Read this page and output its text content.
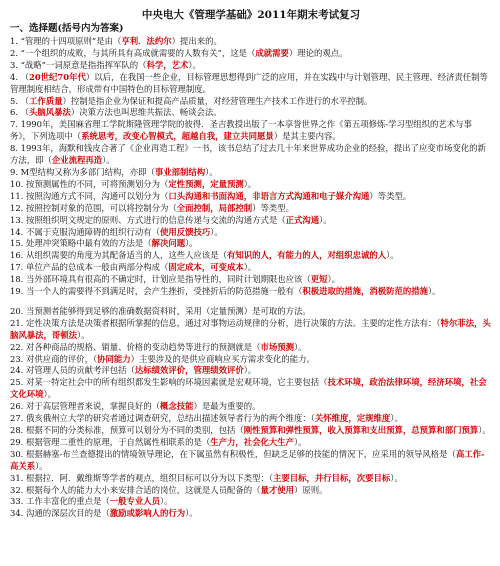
中央电大《管理学基础》2011年期末考试复习
一、选择题(括号内为答案)
1. “管理的十四项原则”是由（亨利．法约尔）提出来的。
2. “一个组织的成败，与其所具有高成就需要的人数有关”，这是（成就需要）理论的观点。
3. “战略”一词原意是指指挥军队的（科学，艺术）。
4. （20世纪70年代）以后，在我国一些企业，目标管理思想得到广泛的应用，并在实践中与计划管理、民主管理、经济责任制等管理制度相结合，形成带有中国特色的目标管理制度。
5. （工作质量）控制是指企业为保证和提高产品质量，对经营管理生产技术工作进行的水平控制。
6. （头脑风暴法）决策方法也叫思维共振法、畅谈会法。
7. 1990年，美国麻省理工学院斯隆管理学院的彼得．圣吉教授出版了一本享誉世界之作《第五项修炼-学习型组织的艺术与事务》，下列选项中（系统思考，改变心智模式，超越自我，建立共同愿景）是其主要内容。
8. 1993年，海默和钱皮合著了《企业再造工程》一书，该书总结了过去几十年来世界成功企业的经验，提出了应变市场变化的新方法，即（企业流程再造）。
9. M型结构又称为多部门结构，亦即（事业部制结构）。
10. 按预测属性的不同，可将预测划分为（定性预测，定量预测）。
11. 按照沟通方式不同，沟通可以划分为（口头沟通和书面沟通，非语言方式沟通和电子媒介沟通）等类型。
12. 按照控制对象的范围，可以将控制分为（全面控制，局部控制）等类型。
13. 按照组织明文规定的原则、方式进行的信息传递与交流的沟通方式是（正式沟通）。
14. 不属于克服沟通障碍的组织行动有（使用反馈技巧）。
15. 处理冲突策略中最有效的方法是（解决问题）。
16. 从组织需要的角度为其配备适当的人，这些人应该是（有知识的人，有能力的人，对组织忠诚的人）。
17. 单位产品的总成本一般由两部分构成（固定成本，可变成本）。
18. 当外部环境具有很高的不确定时，计划应是指导性的，同时计划期限也应该（更短）。
19. 当一个人的需要得不到满足时，会产生挫折，受挫折后的防范措施一般有（积极进取的措施，消极防范的措施）。
20. 当预测者能够得到足够的准确数据资料时，采用（定量预测）是可取的方法。
21. 定性决策方法是决策者根据所掌握的信息，通过对事物运动规律的分析，进行决策的方法。主要的定性方法有：（特尔菲法，头脑风暴法，哥顿法）。
22. 对各种商品的规格、销量、价格的变动趋势等进行的预测就是（市场预测）。
23. 对供应商的评价，（协同能力）主要涉及的是供应商响应买方需求变化的能力。
24. 对管理人员的贡献考评包括（达标绩效评价，管理绩效评价）。
25. 对某一特定社会中的所有组织都发生影响的环境因素就是宏观环境，它主要包括（技术环境，政治法律环境，经济环境，社会文化环境）。
26. 对于高层管理者来说，掌握良好的（概念技能）是最为重要的。
27. 俄亥俄州立大学的研究者通过调查研究，总结出描述领导者行为的两个维度：（关怀维度，定规维度）。
28. 根据不同的分类标准，预算可以划分为不同的类别，包括（刚性预算和弹性预算，收入预算和支出预算，总预算和部门预算）。
29. 根据管理二重性的原理，于自然属性相联系的是（生产力，社会化大生产）。
30. 根据赫塞-布兰查德提出的情境领导理论，在下属虽然有积极性，但缺乏足够的技能的情况下，应采用的领导风格是（高工作-高关系）。
31. 根据拉．阿．戴维斯等学者的观点，组织目标可以分为以下类型：（主要目标，并行目标，次要目标）。
32. 根据每个人的能力大小来安排合适的岗位，这就是人员配备的（量才使用）原则。
33. 工作丰富化的重点是（一般专业人员）。
34. 沟通的深层次目的是（激励或影响人的行为）。
